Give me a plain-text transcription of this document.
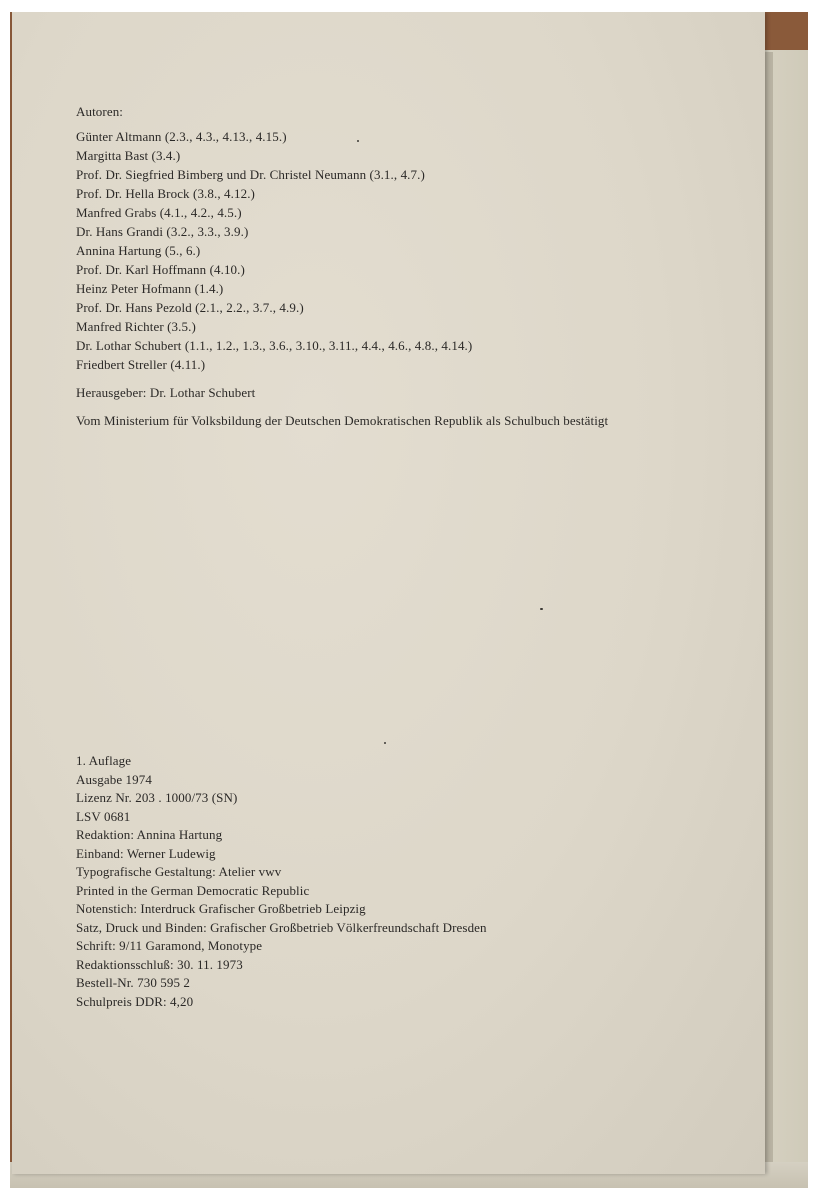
Autoren:
Günter Altmann (2.3., 4.3., 4.13., 4.15.)
Margitta Bast (3.4.)
Prof. Dr. Siegfried Bimberg und Dr. Christel Neumann (3.1., 4.7.)
Prof. Dr. Hella Brock (3.8., 4.12.)
Manfred Grabs (4.1., 4.2., 4.5.)
Dr. Hans Grandi (3.2., 3.3., 3.9.)
Annina Hartung (5., 6.)
Prof. Dr. Karl Hoffmann (4.10.)
Heinz Peter Hofmann (1.4.)
Prof. Dr. Hans Pezold (2.1., 2.2., 3.7., 4.9.)
Manfred Richter (3.5.)
Dr. Lothar Schubert (1.1., 1.2., 1.3., 3.6., 3.10., 3.11., 4.4., 4.6., 4.8., 4.14.)
Friedbert Streller (4.11.)
Herausgeber: Dr. Lothar Schubert
Vom Ministerium für Volksbildung der Deutschen Demokratischen Republik als Schulbuch bestätigt
1. Auflage
Ausgabe 1974
Lizenz Nr. 203 . 1000/73 (SN)
LSV 0681
Redaktion: Annina Hartung
Einband: Werner Ludewig
Typografische Gestaltung: Atelier vwv
Printed in the German Democratic Republic
Notenstich: Interdruck Grafischer Großbetrieb Leipzig
Satz, Druck und Binden: Grafischer Großbetrieb Völkerfreundschaft Dresden
Schrift: 9/11 Garamond, Monotype
Redaktionsschluß: 30. 11. 1973
Bestell-Nr. 730 595 2
Schulpreis DDR: 4,20
